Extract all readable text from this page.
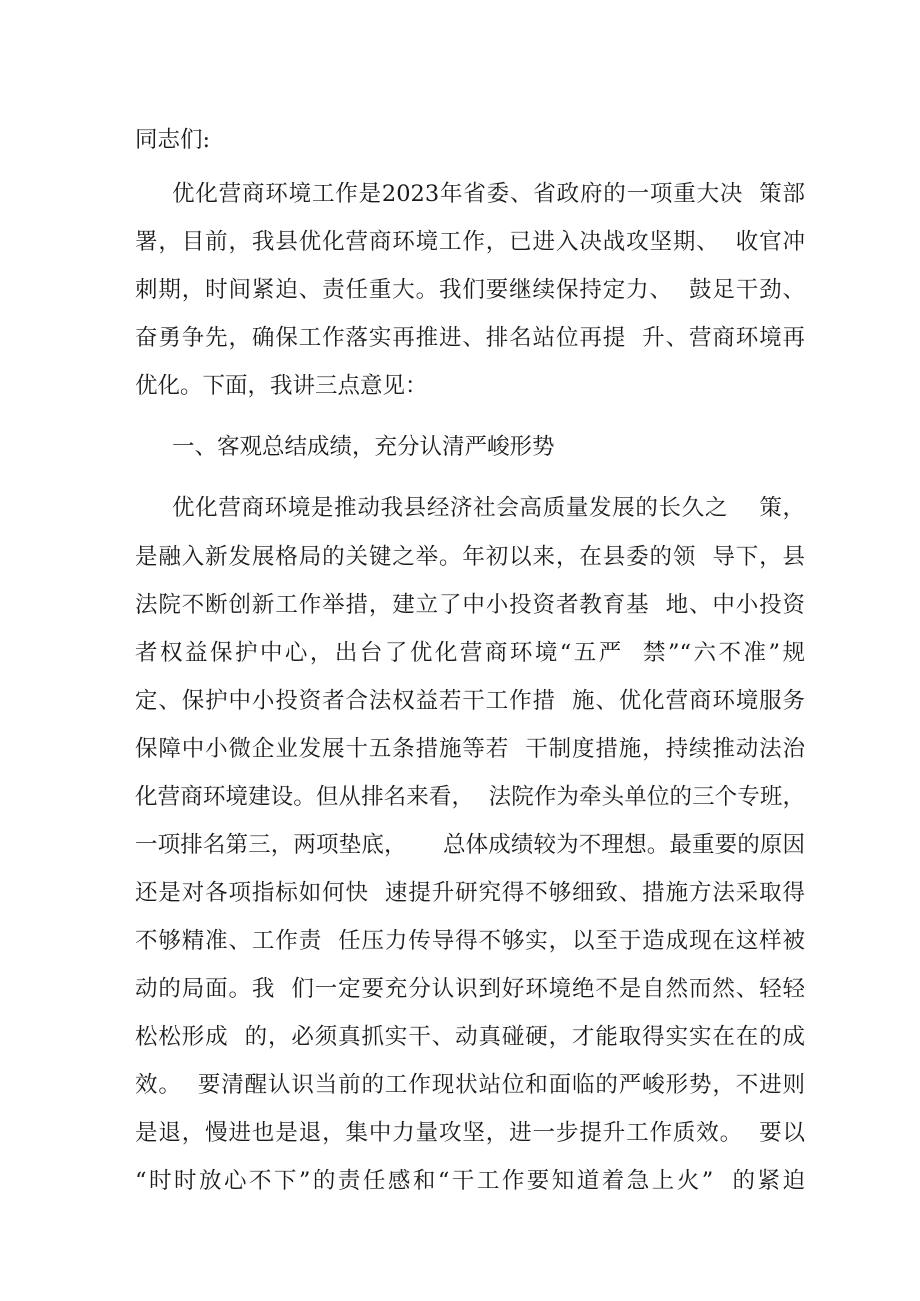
同志们:

优化营商环境工作是2023年省委、省政府的一项重大决  策部

署，目前，我县优化营商环境工作，已进入决战攻坚期、  收官冲

刺期，时间紧迫、责任重大。我们要继续保持定力、  鼓足干劲、

奋勇争先，确保工作落实再推进、排名站位再提  升、营商环境再

优化。下面，我讲三点意见：

一、客观总结成绩，充分认清严峻形势

优化营商环境是推动我县经济社会高质量发展的长久之    策，

是融入新发展格局的关键之举。年初以来，在县委的领  导下，县

法院不断创新工作举措，建立了中小投资者教育基  地、中小投资

者权益保护中心，出台了优化营商环境“五严  禁”“六不准”规

定、保护中小投资者合法权益若干工作措  施、优化营商环境服务

保障中小微企业发展十五条措施等若  干制度措施，持续推动法治

化营商环境建设。但从排名来看，  法院作为牵头单位的三个专班，

一项排名第三，两项垫底，     总体成绩较为不理想。最重要的原因

还是对各项指标如何快  速提升研究得不够细致、措施方法采取得

不够精准、工作责  任压力传导得不够实，以至于造成现在这样被

动的局面。我  们一定要充分认识到好环境绝不是自然而然、轻轻

松松形成  的，必须真抓实干、动真碰硬，才能取得实实在在的成

效。  要清醒认识当前的工作现状站位和面临的严峻形势，不进则

是退，慢进也是退，集中力量攻坚，进一步提升工作质效。  要以

“时时放心不下”的责任感和“干工作要知道着急上火”  的紧迫
